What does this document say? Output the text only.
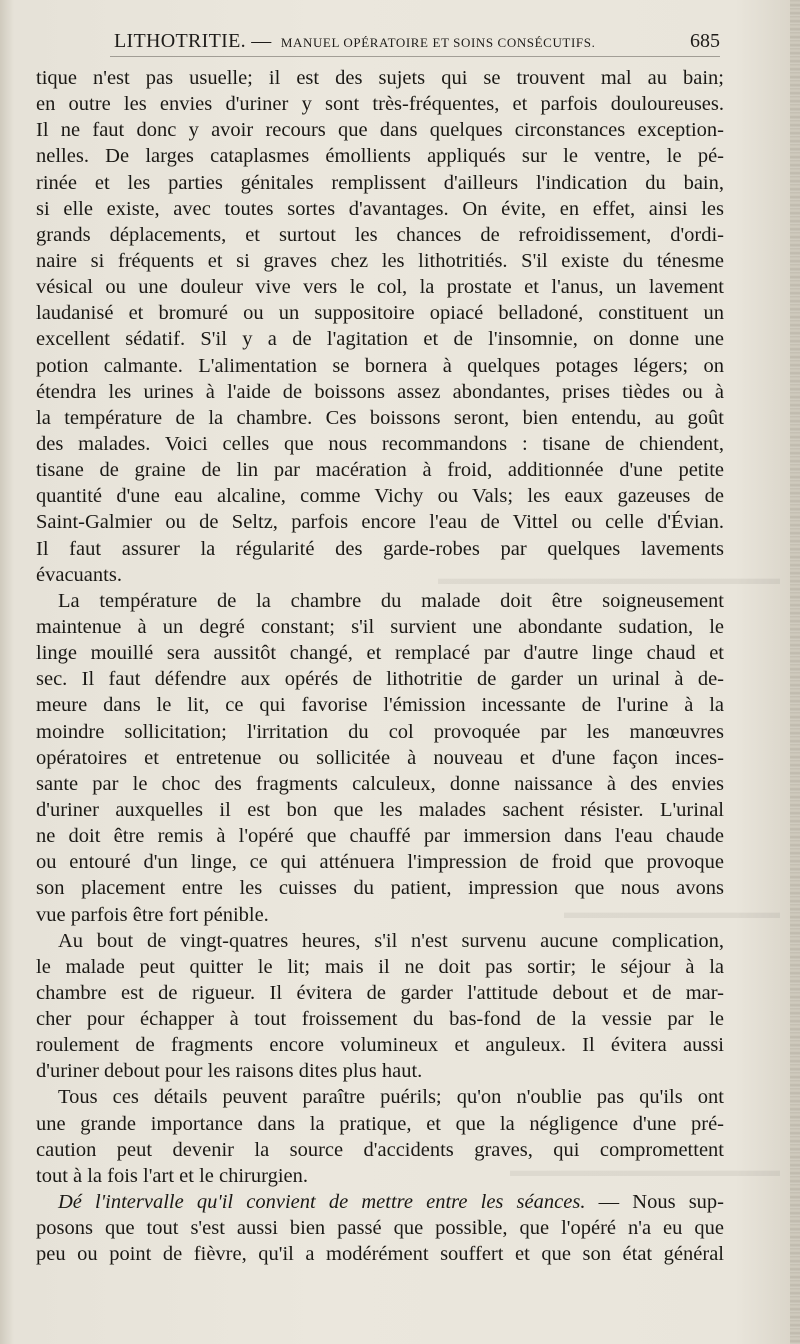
▬▬▬▬▬▬▬▬▬▬▬▬▬▬▬▬▬▬▬
▬▬▬▬▬▬▬▬▬▬▬▬
▬▬▬▬▬▬▬▬▬▬▬▬▬▬▬
LITHOTRITIE. — MANUEL OPÉRATOIRE ET SOINS CONSÉCUTIFS.	685
tique n'est pas usuelle; il est des sujets qui se trouvent mal au bain;
en outre les envies d'uriner y sont très-fréquentes, et parfois douloureuses.
Il ne faut donc y avoir recours que dans quelques circonstances exception-
nelles. De larges cataplasmes émollients appliqués sur le ventre, le pé-
rinée et les parties génitales remplissent d'ailleurs l'indication du bain,
si elle existe, avec toutes sortes d'avantages. On évite, en effet, ainsi les
grands déplacements, et surtout les chances de refroidissement, d'ordi-
naire si fréquents et si graves chez les lithotritiés. S'il existe du ténesme
vésical ou une douleur vive vers le col, la prostate et l'anus, un lavement
laudanisé et bromuré ou un suppositoire opiacé belladoné, constituent un
excellent sédatif. S'il y a de l'agitation et de l'insomnie, on donne une
potion calmante. L'alimentation se bornera à quelques potages légers; on
étendra les urines à l'aide de boissons assez abondantes, prises tièdes ou à
la température de la chambre. Ces boissons seront, bien entendu, au goût
des malades. Voici celles que nous recommandons : tisane de chiendent,
tisane de graine de lin par macération à froid, additionnée d'une petite
quantité d'une eau alcaline, comme Vichy ou Vals; les eaux gazeuses de
Saint-Galmier ou de Seltz, parfois encore l'eau de Vittel ou celle d'Évian.
Il faut assurer la régularité des garde-robes par quelques lavements
évacuants.
La température de la chambre du malade doit être soigneusement
maintenue à un degré constant; s'il survient une abondante sudation, le
linge mouillé sera aussitôt changé, et remplacé par d'autre linge chaud et
sec. Il faut défendre aux opérés de lithotritie de garder un urinal à de-
meure dans le lit, ce qui favorise l'émission incessante de l'urine à la
moindre sollicitation; l'irritation du col provoquée par les manœuvres
opératoires et entretenue ou sollicitée à nouveau et d'une façon inces-
sante par le choc des fragments calculeux, donne naissance à des envies
d'uriner auxquelles il est bon que les malades sachent résister. L'urinal
ne doit être remis à l'opéré que chauffé par immersion dans l'eau chaude
ou entouré d'un linge, ce qui atténuera l'impression de froid que provoque
son placement entre les cuisses du patient, impression que nous avons
vue parfois être fort pénible.
Au bout de vingt-quatres heures, s'il n'est survenu aucune complication,
le malade peut quitter le lit; mais il ne doit pas sortir; le séjour à la
chambre est de rigueur. Il évitera de garder l'attitude debout et de mar-
cher pour échapper à tout froissement du bas-fond de la vessie par le
roulement de fragments encore volumineux et anguleux. Il évitera aussi
d'uriner debout pour les raisons dites plus haut.
Tous ces détails peuvent paraître puérils; qu'on n'oublie pas qu'ils ont
une grande importance dans la pratique, et que la négligence d'une pré-
caution peut devenir la source d'accidents graves, qui compromettent
tout à la fois l'art et le chirurgien.
Dé l'intervalle qu'il convient de mettre entre les séances. — Nous sup-
posons que tout s'est aussi bien passé que possible, que l'opéré n'a eu que
peu ou point de fièvre, qu'il a modérément souffert et que son état général
